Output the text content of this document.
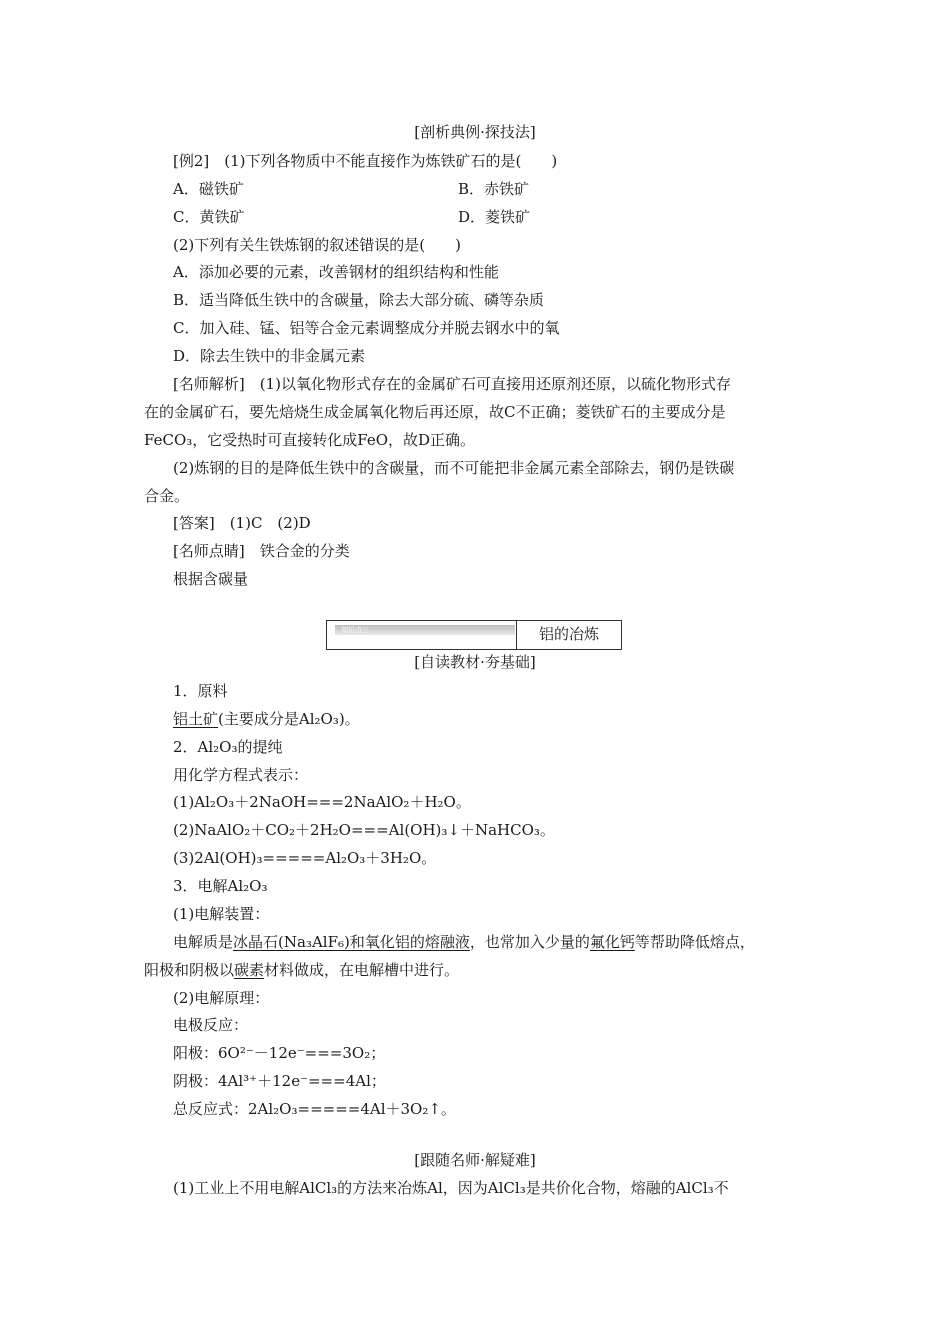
[剖析典例·探技法]
[例2]　(1)下列各物质中不能直接作为炼铁矿石的是(　　)
A．磁铁矿	B．赤铁矿
C．黄铁矿	D．菱铁矿
(2)下列有关生铁炼钢的叙述错误的是(　　)
A．添加必要的元素，改善钢材的组织结构和性能
B．适当降低生铁中的含碳量，除去大部分硫、磷等杂质
C．加入硅、锰、铝等合金元素调整成分并脱去钢水中的氧
D．除去生铁中的非金属元素
[名师解析]　(1)以氧化物形式存在的金属矿石可直接用还原剂还原，以硫化物形式存
在的金属矿石，要先焙烧生成金属氧化物后再还原，故C不正确；菱铁矿石的主要成分是
FeCO₃，它受热时可直接转化成FeO，故D正确。
(2)炼钢的目的是降低生铁中的含碳量，而不可能把非金属元素全部除去，钢仍是铁碳
合金。
[答案]　(1)C　(2)D
[名师点睛]　铁合金的分类
根据含碳量
知识点三	铝的冶炼
[自读教材·夯基础]
1．原料
铝土矿(主要成分是Al₂O₃)。
2．Al₂O₃的提纯
用化学方程式表示：
(1)Al₂O₃＋2NaOH===2NaAlO₂＋H₂O。
(2)NaAlO₂＋CO₂＋2H₂O===Al(OH)₃↓＋NaHCO₃。
(3)2Al(OH)₃=====Al₂O₃＋3H₂O。
3．电解Al₂O₃
(1)电解装置：
电解质是冰晶石(Na₃AlF₆)和氧化铝的熔融液，也常加入少量的氟化钙等帮助降低熔点，
阳极和阴极以碳素材料做成，在电解槽中进行。
(2)电解原理：
电极反应：
阳极：6O²⁻－12e⁻===3O₂；
阴极：4Al³⁺＋12e⁻===4Al；
总反应式：2Al₂O₃=====4Al＋3O₂↑。
[跟随名师·解疑难]
(1)工业上不用电解AlCl₃的方法来冶炼Al，因为AlCl₃是共价化合物，熔融的AlCl₃不
